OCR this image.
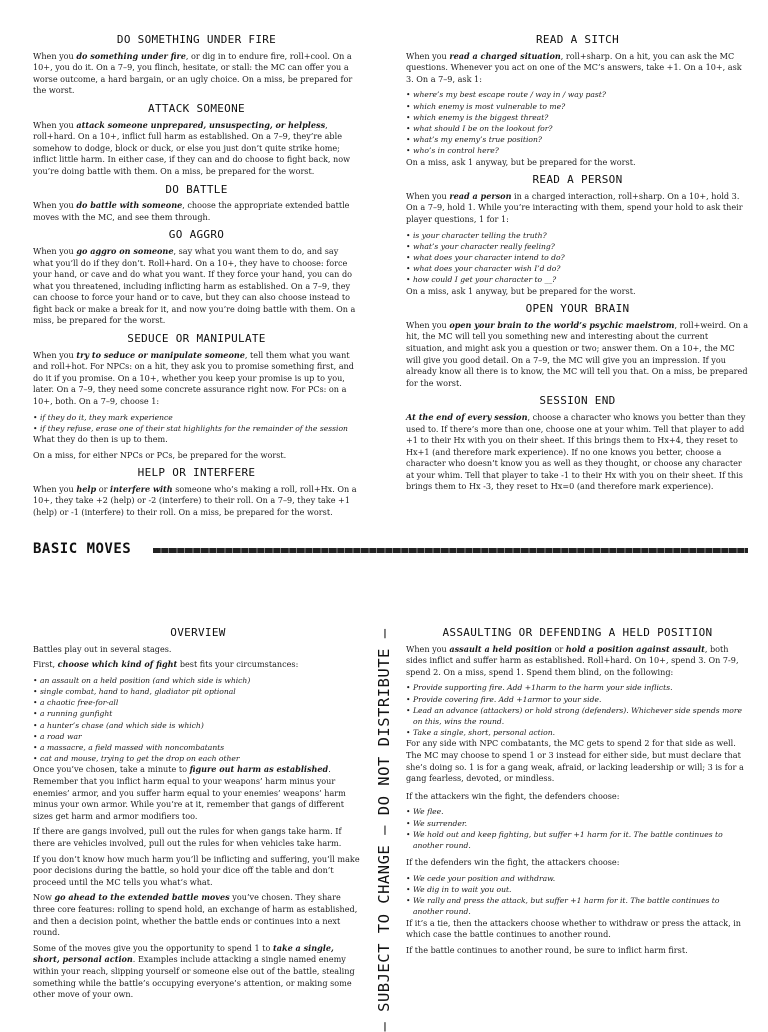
DO SOMETHING UNDER FIRE

When you do something under fire, or dig in to endure fire, roll+cool. On a 10+, you do it. On a 7–9, you flinch, hesitate, or stall: the MC can offer you a worse outcome, a hard bargain, or an ugly choice. On a miss, be prepared for the worst.

ATTACK SOMEONE

When you attack someone unprepared, unsuspecting, or helpless, roll+hard. On a 10+, inflict full harm as established. On a 7–9, they’re able somehow to dodge, block or duck, or else you just don’t quite strike home; inflict little harm. In either case, if they can and do choose to fight back, now you’re doing battle with them. On a miss, be prepared for the worst.

DO BATTLE

When you do battle with someone, choose the appropriate extended battle moves with the MC, and see them through.

GO AGGRO

When you go aggro on someone, say what you want them to do, and say what you’ll do if they don’t. Roll+hard. On a 10+, they have to choose: force your hand, or cave and do what you want. If they force your hand, you can do what you threatened, including inflicting harm as established. On a 7–9, they can choose to force your hand or to cave, but they can also choose instead to fight back or make a break for it, and now you’re doing battle with them. On a miss, be prepared for the worst.

SEDUCE OR MANIPULATE

When you try to seduce or manipulate someone, tell them what you want and roll+hot. For NPCs: on a hit, they ask you to promise something first, and do it if you promise. On a 10+, whether you keep your promise is up to you, later. On a 7–9, they need some concrete assurance right now. For PCs: on a 10+, both. On a 7–9, choose 1:

• if they do it, they mark experience
• if they refuse, erase one of their stat highlights for the remainder of the session

What they do then is up to them.

On a miss, for either NPCs or PCs, be prepared for the worst.

HELP OR INTERFERE

When you help or interfere with someone who’s making a roll, roll+Hx. On a 10+, they take +2 (help) or -2 (interfere) to their roll. On a 7–9, they take +1 (help) or -1 (interfere) to their roll. On a miss, be prepared for the worst.

READ A SITCH

When you read a charged situation, roll+sharp. On a hit, you can ask the MC questions. Whenever you act on one of the MC’s answers, take +1. On a 10+, ask 3. On a 7–9, ask 1:

• where’s my best escape route / way in / way past?
• which enemy is most vulnerable to me?
• which enemy is the biggest threat?
• what should I be on the lookout for?
• what’s my enemy’s true position?
• who’s in control here?

On a miss, ask 1 anyway, but be prepared for the worst.

READ A PERSON

When you read a person in a charged interaction, roll+sharp. On a 10+, hold 3. On a 7–9, hold 1. While you’re interacting with them, spend your hold to ask their player questions, 1 for 1:

• is your character telling the truth?
• what’s your character really feeling?
• what does your character intend to do?
• what does your character wish I’d do?
• how could I get your character to __?

On a miss, ask 1 anyway, but be prepared for the worst.

OPEN YOUR BRAIN

When you open your brain to the world’s psychic maelstrom, roll+weird. On a hit, the MC will tell you something new and interesting about the current situation, and might ask you a question or two; answer them. On a 10+, the MC will give you good detail. On a 7–9, the MC will give you an impression. If you already know all there is to know, the MC will tell you that. On a miss, be prepared for the worst.

SESSION END

At the end of every session, choose a character who knows you better than they used to. If there’s more than one, choose one at your whim. Tell that player to add +1 to their Hx with you on their sheet. If this brings them to Hx+4, they reset to Hx+1 (and therefore mark experience). If no one knows you better, choose a character who doesn’t know you as well as they thought, or choose any character at your whim. Tell that player to take -1 to their Hx with you on their sheet. If this brings them to Hx -3, they reset to Hx=0 (and therefore mark experience).

BASIC MOVES
OVERVIEW

Battles play out in several stages.

First, choose which kind of fight best fits your circumstances:

• an assault on a held position (and which side is which)
• single combat, hand to hand, gladiator pit optional
• a chaotic free-for-all
• a running gunfight
• a hunter’s chase (and which side is which)
• a road war
• a massacre, a field massed with noncombatants
• cat and mouse, trying to get the drop on each other

Once you’ve chosen, take a minute to figure out harm as established. Remember that you inflict harm equal to your weapons’ harm minus your enemies’ armor, and you suffer harm equal to your enemies’ weapons’ harm minus your own armor. While you’re at it, remember that gangs of different sizes get harm and armor modifiers too.

If there are gangs involved, pull out the rules for when gangs take harm. If there are vehicles involved, pull out the rules for when vehicles take harm.

If you don’t know how much harm you’ll be inflicting and suffering, you’ll make poor decisions during the battle, so hold your dice off the table and don’t proceed until the MC tells you what’s what.

Now go ahead to the extended battle moves you’ve chosen. They share three core features: rolling to spend hold, an exchange of harm as established, and then a decision point, whether the battle ends or continues into a next round.

Some of the moves give you the opportunity to spend 1 to take a single, short, personal action. Examples include attacking a single named enemy within your reach, slipping yourself or someone else out of the battle, stealing something while the battle’s occupying everyone’s attention, or making some other move of your own.	– SUBJECT TO CHANGE — DO NOT DISTRIBUTE –	ASSAULTING OR DEFENDING A HELD POSITION

When you assault a held position or hold a position against assault, both sides inflict and suffer harm as established. Roll+hard. On 10+, spend 3. On 7-9, spend 2. On a miss, spend 1. Spend them blind, on the following:

• Provide supporting fire. Add +1harm to the harm your side inflicts.
• Provide covering fire. Add +1armor to your side.
• Lead an advance (attackers) or hold strong (defenders). Whichever side spends more on this, wins the round.
• Take a single, short, personal action.

For any side with NPC combatants, the MC gets to spend 2 for that side as well. The MC may choose to spend 1 or 3 instead for either side, but must declare that she’s doing so. 1 is for a gang weak, afraid, or lacking leadership or will; 3 is for a gang fearless, devoted, or mindless.

If the attackers win the fight, the defenders choose:

• We flee.
• We surrender.
• We hold out and keep fighting, but suffer +1 harm for it. The battle continues to another round.

If the defenders win the fight, the attackers choose:

• We cede your position and withdraw.
• We dig in to wait you out.
• We rally and press the attack, but suffer +1 harm for it. The battle continues to another round.

If it’s a tie, then the attackers choose whether to withdraw or press the attack, in which case the battle continues to another round.

If the battle continues to another round, be sure to inflict harm first.
